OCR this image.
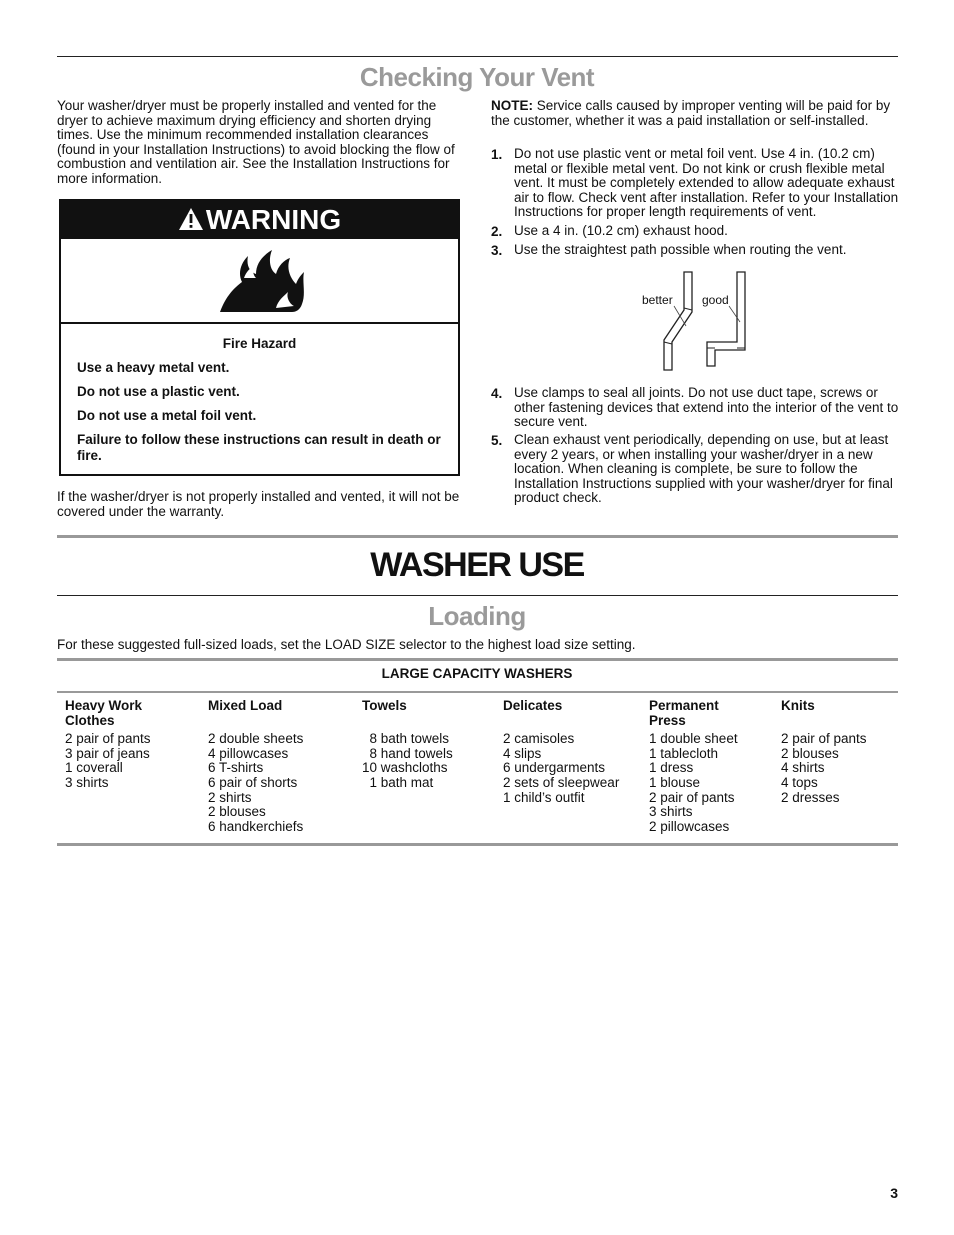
Checking Your Vent
Your washer/dryer must be properly installed and vented for the dryer to achieve maximum drying efficiency and shorten drying times. Use the minimum recommended installation clearances (found in your Installation Instructions) to avoid blocking the flow of combustion and ventilation air. See the Installation Instructions for more information.
WARNING
Fire Hazard
Use a heavy metal vent.
Do not use a plastic vent.
Do not use a metal foil vent.
Failure to follow these instructions can result in death or fire.
If the washer/dryer is not properly installed and vented, it will not be covered under the warranty.
NOTE: Service calls caused by improper venting will be paid for by the customer, whether it was a paid installation or self-installed.
1. Do not use plastic vent or metal foil vent. Use 4 in. (10.2 cm) metal or flexible metal vent. Do not kink or crush flexible metal vent. It must be completely extended to allow adequate exhaust air to flow. Check vent after installation. Refer to your Installation Instructions for proper length requirements of vent.
2. Use a 4 in. (10.2 cm) exhaust hood.
3. Use the straightest path possible when routing the vent.
better good
4. Use clamps to seal all joints. Do not use duct tape, screws or other fastening devices that extend into the interior of the vent to secure vent.
5. Clean exhaust vent periodically, depending on use, but at least every 2 years, or when installing your washer/dryer in a new location. When cleaning is complete, be sure to follow the Installation Instructions supplied with your washer/dryer for final product check.
WASHER USE
Loading
For these suggested full-sized loads, set the LOAD SIZE selector to the highest load size setting.
LARGE CAPACITY WASHERS
Heavy Work
Clothes
2 pair of pants
3 pair of jeans
1 coverall
3 shirts
Mixed Load
2 double sheets
4 pillowcases
6 T-shirts
6 pair of shorts
2 shirts
2 blouses
6 handkerchiefs
Towels
8 bath towels
8 hand towels
10 washcloths
1 bath mat
Delicates
2 camisoles
4 slips
6 undergarments
2 sets of sleepwear
1 child’s outfit
Permanent
Press
1 double sheet
1 tablecloth
1 dress
1 blouse
2 pair of pants
3 shirts
2 pillowcases
Knits
2 pair of pants
2 blouses
4 shirts
4 tops
2 dresses
3
